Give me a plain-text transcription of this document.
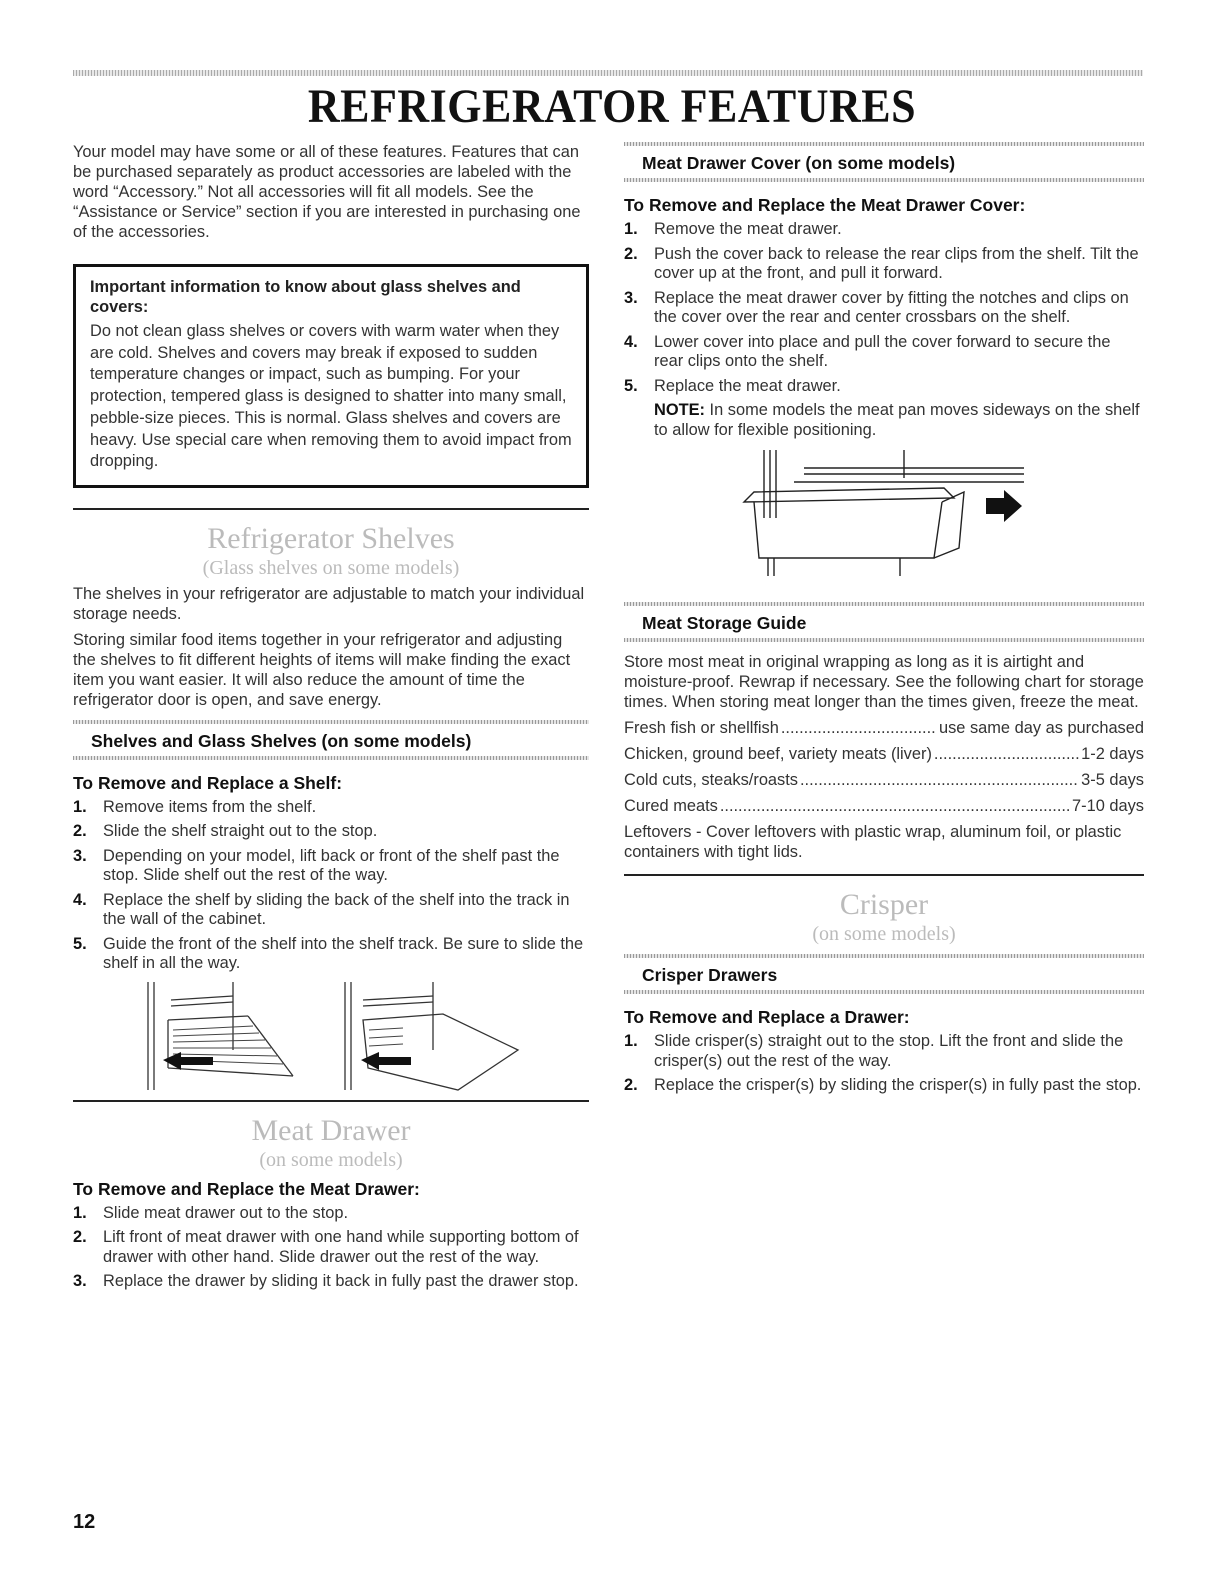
REFRIGERATOR FEATURES

Your model may have some or all of these features. Features that can be purchased separately as product accessories are labeled with the word “Accessory.” Not all accessories will fit all models. See the “Assistance or Service” section if you are interested in purchasing one of the accessories.

Important information to know about glass shelves and covers:

Do not clean glass shelves or covers with warm water when they are cold. Shelves and covers may break if exposed to sudden temperature changes or impact, such as bumping. For your protection, tempered glass is designed to shatter into many small, pebble-size pieces. This is normal. Glass shelves and covers are heavy. Use special care when removing them to avoid impact from dropping.

Refrigerator Shelves
(Glass shelves on some models)

The shelves in your refrigerator are adjustable to match your individual storage needs.

Storing similar food items together in your refrigerator and adjusting the shelves to fit different heights of items will make finding the exact item you want easier. It will also reduce the amount of time the refrigerator door is open, and save energy.

Shelves and Glass Shelves (on some models)
To Remove and Replace a Shelf:
1. Remove items from the shelf.
2. Slide the shelf straight out to the stop.
3. Depending on your model, lift back or front of the shelf past the stop. Slide shelf out the rest of the way.
4. Replace the shelf by sliding the back of the shelf into the track in the wall of the cabinet.
5. Guide the front of the shelf into the shelf track. Be sure to slide the shelf in all the way.
Meat Drawer
(on some models)
To Remove and Replace the Meat Drawer:
1. Slide meat drawer out to the stop.
2. Lift front of meat drawer with one hand while supporting bottom of drawer with other hand. Slide drawer out the rest of the way.
3. Replace the drawer by sliding it back in fully past the drawer stop.
Meat Drawer Cover (on some models)
To Remove and Replace the Meat Drawer Cover:
1. Remove the meat drawer.
2. Push the cover back to release the rear clips from the shelf. Tilt the cover up at the front, and pull it forward.
3. Replace the meat drawer cover by fitting the notches and clips on the cover over the rear and center crossbars on the shelf.
4. Lower cover into place and pull the cover forward to secure the rear clips onto the shelf.
5. Replace the meat drawer.
NOTE: In some models the meat pan moves sideways on the shelf to allow for flexible positioning.
Meat Storage Guide

Store most meat in original wrapping as long as it is airtight and moisture-proof. Rewrap if necessary. See the following chart for storage times. When storing meat longer than the times given, freeze the meat.

Fresh fish or shellfish .....	use same day as purchased
Chicken, ground beef, variety meats (liver) .....	1-2 days
Cold cuts, steaks/roasts .....	3-5 days
Cured meats .....	7-10 days

Leftovers - Cover leftovers with plastic wrap, aluminum foil, or plastic containers with tight lids.

Crisper
(on some models)
Crisper Drawers
To Remove and Replace a Drawer:
1. Slide crisper(s) straight out to the stop. Lift the front and slide the crisper(s) out the rest of the way.
2. Replace the crisper(s) by sliding the crisper(s) in fully past the stop.
12
